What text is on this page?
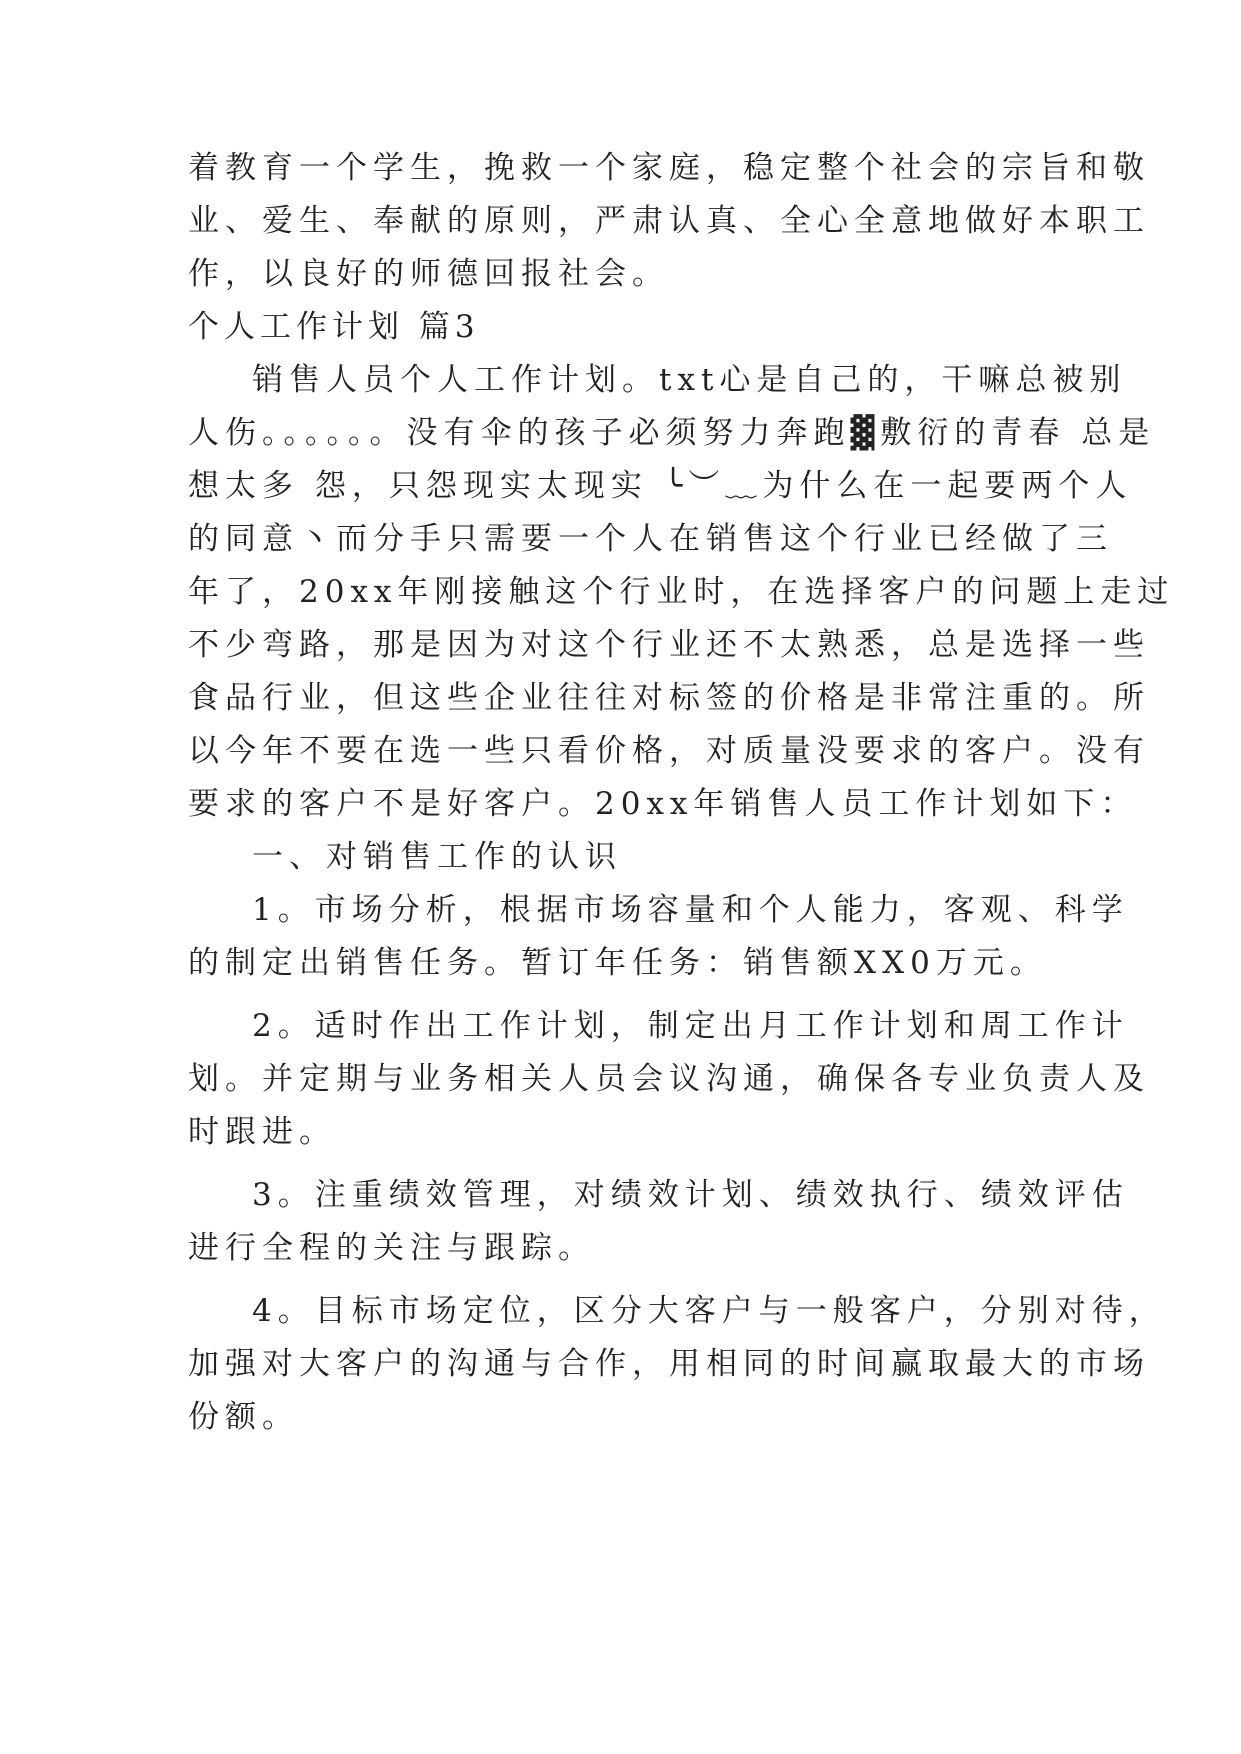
着教育一个学生，挽救一个家庭，稳定整个社会的宗旨和敬
业、爱生、奉献的原则，严肃认真、全心全意地做好本职工
作，以良好的师德回报社会。
个人工作计划 篇3
销售人员个人工作计划。txt心是自己的，干嘛总被别
人伤。。。。。。没有伞的孩子必须努力奔跑▓敷衍的青春 总是
想太多 怨，只怨现实太现实 ╰︶﹏为什么在一起要两个人
的同意丶而分手只需要一个人在销售这个行业已经做了三
年了，20xx年刚接触这个行业时，在选择客户的问题上走过
不少弯路，那是因为对这个行业还不太熟悉，总是选择一些
食品行业，但这些企业往往对标签的价格是非常注重的。所
以今年不要在选一些只看价格，对质量没要求的客户。没有
要求的客户不是好客户。20xx年销售人员工作计划如下：
一、对销售工作的认识
1。市场分析，根据市场容量和个人能力，客观、科学
的制定出销售任务。暂订年任务：销售额XX0万元。
2。适时作出工作计划，制定出月工作计划和周工作计
划。并定期与业务相关人员会议沟通，确保各专业负责人及
时跟进。
3。注重绩效管理，对绩效计划、绩效执行、绩效评估
进行全程的关注与跟踪。
4。目标市场定位，区分大客户与一般客户，分别对待，
加强对大客户的沟通与合作，用相同的时间赢取最大的市场
份额。
